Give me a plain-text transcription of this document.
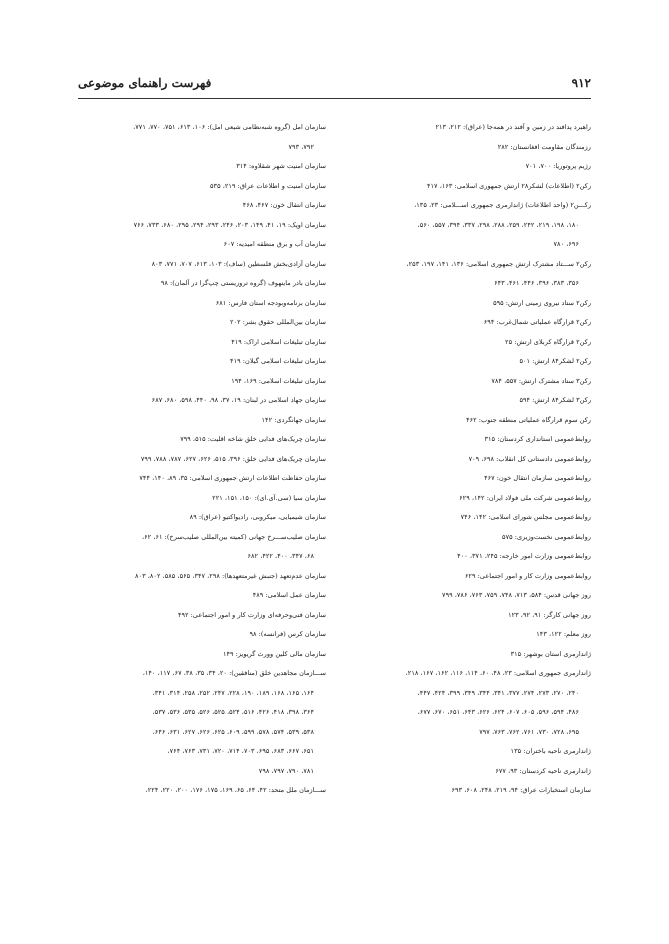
۹۱۲
فهرست راهنمای موضوعی
راهبرد پدافند در زمین و آفند در همه‌جا (عراق): ۲۱۲، ۲۱۳
رزمندگان مقاومت افغانستان: ۲۸۲
رژیم پروتوریا: ۷۰۰، ۷۰۱
رکن۲ (اطلاعات) لشکر۲۸ ارتش جمهوری اسلامی: ۱۶۳، ۴۱۷
رکـــن۲ (واحد اطلاعات) ژاندارمری جمهوری اســـلامی: ۲۳، ۱۳۵،
۱۸۰، ۱۹۸، ۲۱۹، ۲۴۲، ۲۵۹، ۲۸۸، ۲۹۸، ۳۳۷، ۳۹۴، ۵۵۷، ۵۶۰،
۶۹۶، ۷۸۰
رکن۲ ســـتاد مشترک ارتش جمهوری اسلامی: ۱۳۶، ۱۴۱، ۱۹۷، ۲۵۳،
۳۵۶، ۳۸۳، ۳۹۶، ۴۴۶، ۴۶۱، ۶۴۳
رکن۲ ستاد نیروی زمینی ارتش: ۵۹۵
رکن۲ قرارگاه عملیاتی شمال‌غرب: ۶۹۴
رکن۲ قرارگاه کربلای ارتش: ۲۵
رکن۲ لشکر۸۴ ارتش: ۵۰۱
رکن۳ ستاد مشترک ارتش: ۵۵۷، ۷۸۴
رکن۳ لشکر۸۴ ارتش: ۵۹۴
رکن سوم قرارگاه عملیاتی منطقه جنوب: ۴۶۲
روابط‌عمومی استانداری کردستان: ۳۱۵
روابط‌عمومی دادستانی کل انقلاب: ۶۹۸، ۷۰۹
روابط‌عمومی سازمان انتقال خون: ۴۶۷
روابط‌عمومی شرکت ملی فولاد ایران: ۱۴۲، ۶۲۹
روابط‌عمومی مجلس شورای اسلامی: ۱۴۲، ۷۴۶
روابط‌عمومی نخست‌وزیری: ۵۷۵
روابط‌عمومی وزارت امور خارجه: ۲۴۵، ۳۷۱، ۴۰۰
روابط‌عمومی وزارت کار و امور اجتماعی: ۶۲۹
روز جهانی قدس: ۵۸۴، ۷۱۳، ۷۴۸، ۷۵۹، ۷۶۳، ۷۸۶، ۷۹۹
روز جهانی کارگر: ۹۱، ۹۲، ۱۲۳
روز معلم: ۱۲۲، ۱۴۳
ژاندارمری استان بوشهر: ۳۱۵
ژاندارمری جمهوری اسلامی: ۲۳، ۴۸، ۶۰، ۱۱۴، ۱۱۶، ۱۶۲، ۱۶۷، ۲۱۸،
۲۴۰، ۲۷۰، ۲۷۳، ۲۷۴، ۳۷۷، ۳۴۱، ۳۴۴، ۳۴۹، ۳۹۹، ۴۲۴، ۴۴۷،
۴۸۶، ۵۹۴، ۵۹۶، ۶۰۵، ۶۰۷، ۶۲۴، ۶۲۶، ۶۴۳، ۶۵۱، ۶۷۰، ۶۷۷،
۶۹۵، ۷۲۸، ۷۳۰، ۷۶۱، ۷۶۲، ۷۶۳، ۷۹۷
ژاندارمری ناحیه باختران: ۱۳۵
ژاندارمری ناحیه کردستان: ۹۳، ۶۷۷
سازمان استخبارات عراق: ۹۴، ۲۱۹، ۲۴۸، ۶۰۸، ۶۹۳
سازمان امل (گروه شبه‌نظامی شیعی امل): ۱۰۶، ۶۱۳، ۷۵۱، ۷۷۰، ۷۷۱،
۷۹۲، ۷۹۳
سازمان امنیت شهر شقلاوه: ۳۱۴
سازمان امنیت و اطلاعات عراق: ۲۱۹، ۵۳۵
سازمان انتقال خون: ۴۶۷، ۴۶۸
سازمان اوپک: ۱۹، ۴۱، ۱۴۹، ۲۰۳، ۲۴۶، ۲۹۳، ۲۹۴، ۲۹۵، ۶۸۰، ۷۳۳، ۷۶۶
سازمان آب و برق منطقه امیدیه: ۶۰۷
سازمان آزادی‌بخش فلسطین (ساف): ۱۰۳، ۶۱۳، ۷۰۷، ۷۷۱، ۸۰۳
سازمان بادر ماینهوف (گروه تروریستی چپ‌گرا در آلمان): ۹۸
سازمان برنامه‌وبودجه استان فارس: ۶۸۱
سازمان بین‌المللی حقوق بشر: ۲۰۲
سازمان تبلیغات اسلامی اراک: ۴۱۹
سازمان تبلیغات اسلامی گیلان: ۴۱۹
سازمان تبلیغات اسلامی: ۱۶۹، ۱۹۴
سازمان جهاد اسلامی در لبنان: ۱۹، ۳۷، ۹۸، ۴۴۰، ۵۹۸، ۶۸۰، ۶۸۷
سازمان جهانگردی: ۱۴۲
سازمان چریک‌های فدایی خلق شاخه اقلیت: ۵۱۵، ۷۹۹
سازمان چریک‌های فدایی خلق: ۳۹۶، ۵۱۵، ۶۲۶، ۶۲۷، ۷۸۷، ۷۸۸، ۷۹۹
سازمان حفاظت اطلاعات ارتش جمهوری اسلامی: ۳۵، ۸۹، ۱۴۰، ۷۴۴
سازمان سیا (سی.آی.ای): ۱۵۰، ۱۵۱، ۲۲۱
سازمان شیمیایی، میکروبی، رادیواکتیو (عراق): ۸۹
سازمان صلیب‌ســـرخ جهانی (کمیته بین‌المللی صلیب‌سرخ): ۶۱، ۶۲،
۶۸، ۳۴۷، ۴۰۰، ۴۲۲، ۶۸۲
سازمان عدم‌تعهد (جنبش غیرمتعهدها): ۲۹۸، ۳۴۷، ۵۶۵، ۵۸۵، ۸۰۲، ۸۰۳
سازمان عمل اسلامی: ۴۸۹
سازمان فنی‌وحرفه‌ای وزارت کار و امور اجتماعی: ۴۹۲
سازمان کرس (فرانسه): ۹۸
سازمان مالی کلین وورث گریویز: ۱۴۹
ســـازمان مجاهدین خلق (منافقین): ۲۰، ۳۴، ۳۵، ۳۸، ۶۷، ۱۱۷، ۱۴۰،
۱۶۴، ۱۶۵، ۱۶۸، ۱۸۹، ۱۹۰، ۲۲۸، ۲۴۷، ۲۵۲، ۲۵۸، ۳۱۴، ۳۴۱،
۳۶۴، ۳۹۸، ۴۱۸، ۴۲۶، ۵۱۶، ۵۲۴، ۵۲۵، ۵۲۶، ۵۳۵، ۵۳۶، ۵۳۷،
۵۳۸، ۵۳۹، ۵۷۴، ۵۷۸، ۵۹۹، ۶۰۹، ۶۲۵، ۶۲۶، ۶۲۷، ۶۳۱، ۶۴۶،
۶۵۱، ۶۶۷، ۶۸۳، ۶۹۵، ۷۰۳، ۷۱۴، ۷۲۰، ۷۳۱، ۷۶۳، ۷۶۴،
۷۸۱، ۷۹۰، ۷۹۷، ۷۹۸
ســـازمان ملل متحد: ۴۲، ۶۴، ۶۵، ۱۶۹، ۱۷۵، ۱۷۶، ۲۰۰، ۲۲۰، ۲۲۴،
